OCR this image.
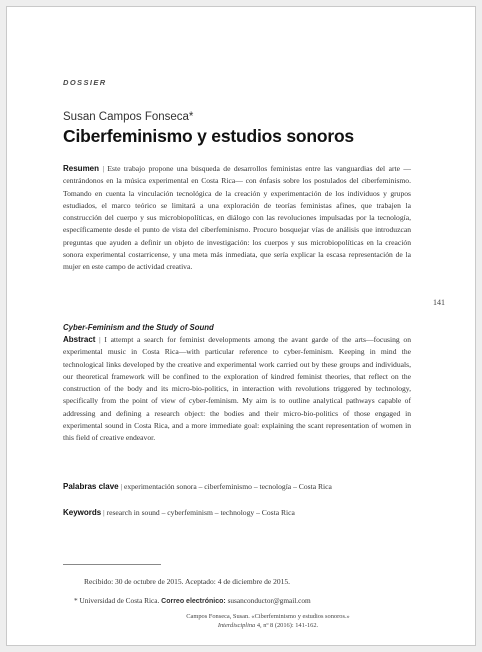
DOSSIER
Susan Campos Fonseca*
Ciberfeminismo y estudios sonoros
Resumen | Este trabajo propone una búsqueda de desarrollos feministas entre las vanguardias del arte —centrándonos en la música experimental en Costa Rica— con énfasis sobre los postulados del ciberfeminismo. Tomando en cuenta la vinculación tecnológica de la creación y experimentación de los individuos y grupos estudiados, el marco teórico se limitará a una exploración de teorías feministas afines, que trabajen la construcción del cuerpo y sus microbiopolíticas, en diálogo con las revoluciones impulsadas por la tecnología, específicamente desde el punto de vista del ciberfeminismo. Procuro bosquejar vías de análisis que introduzcan preguntas que ayuden a definir un objeto de investigación: los cuerpos y sus microbiopolíticas en la creación sonora experimental costarricense, y una meta más inmediata, que sería explicar la escasa representación de la mujer en este campo de actividad creativa.
141
Cyber-Feminism and the Study of Sound
Abstract | I attempt a search for feminist developments among the avant garde of the arts—focusing on experimental music in Costa Rica—with particular reference to cyber-feminism. Keeping in mind the technological links developed by the creative and experimental work carried out by these groups and individuals, our theoretical framework will be confined to the exploration of kindred feminist theories, that reflect on the construction of the body and its micro-bio-politics, in interaction with revolutions triggered by technology, specifically from the point of view of cyber-feminism. My aim is to outline analytical pathways capable of addressing and defining a research object: the bodies and their micro-bio-politics of those engaged in experimental sound in Costa Rica, and a more immediate goal: explaining the scant representation of women in this field of creative endeavor.
Palabras clave | experimentación sonora – ciberfeminismo – tecnología – Costa Rica
Keywords | research in sound – cyberfeminism – technology – Costa Rica
Recibido: 30 de octubre de 2015. Aceptado: 4 de diciembre de 2015.
* Universidad de Costa Rica. Correo electrónico: susanconductor@gmail.com
Campos Fonseca, Susan. «Ciberfeminismo y estudios sonoros.»
Interdisciplina 4, nº 8 (2016): 141-162.
